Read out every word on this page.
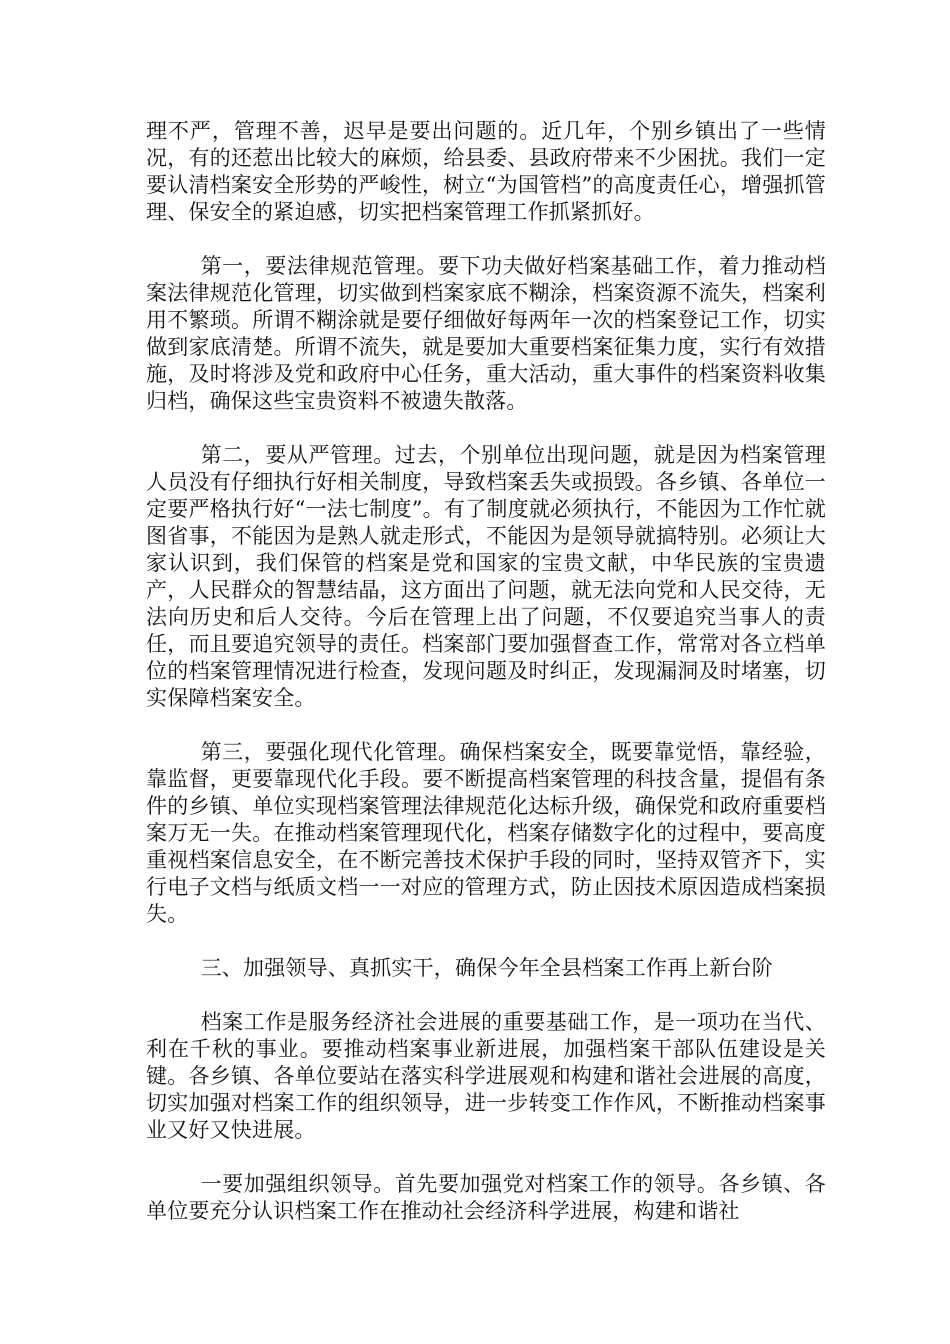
理不严，管理不善，迟早是要出问题的。近几年，个别乡镇出了一些情况，有的还惹出比较大的麻烦，给县委、县政府带来不少困扰。我们一定要认清档案安全形势的严峻性，树立“为国管档”的高度责任心，增强抓管理、保安全的紧迫感，切实把档案管理工作抓紧抓好。

第一，要法律规范管理。要下功夫做好档案基础工作，着力推动档案法律规范化管理，切实做到档案家底不糊涂，档案资源不流失，档案利用不繁琐。所谓不糊涂就是要仔细做好每两年一次的档案登记工作，切实做到家底清楚。所谓不流失，就是要加大重要档案征集力度，实行有效措施，及时将涉及党和政府中心任务，重大活动，重大事件的档案资料收集归档，确保这些宝贵资料不被遗失散落。

第二，要从严管理。过去，个别单位出现问题，就是因为档案管理人员没有仔细执行好相关制度，导致档案丢失或损毁。各乡镇、各单位一定要严格执行好“一法七制度”。有了制度就必须执行，不能因为工作忙就图省事，不能因为是熟人就走形式，不能因为是领导就搞特别。必须让大家认识到，我们保管的档案是党和国家的宝贵文献，中华民族的宝贵遗产，人民群众的智慧结晶，这方面出了问题，就无法向党和人民交待，无法向历史和后人交待。今后在管理上出了问题，不仅要追究当事人的责任，而且要追究领导的责任。档案部门要加强督查工作，常常对各立档单位的档案管理情况进行检查，发现问题及时纠正，发现漏洞及时堵塞，切实保障档案安全。

第三，要强化现代化管理。确保档案安全，既要靠觉悟，靠经验，靠监督，更要靠现代化手段。要不断提高档案管理的科技含量，提倡有条件的乡镇、单位实现档案管理法律规范化达标升级，确保党和政府重要档案万无一失。在推动档案管理现代化，档案存储数字化的过程中，要高度重视档案信息安全，在不断完善技术保护手段的同时，坚持双管齐下，实行电子文档与纸质文档一一对应的管理方式，防止因技术原因造成档案损失。

三、加强领导、真抓实干，确保今年全县档案工作再上新台阶

档案工作是服务经济社会进展的重要基础工作，是一项功在当代、利在千秋的事业。要推动档案事业新进展，加强档案干部队伍建设是关键。各乡镇、各单位要站在落实科学进展观和构建和谐社会进展的高度，切实加强对档案工作的组织领导，进一步转变工作作风，不断推动档案事业又好又快进展。

一要加强组织领导。首先要加强党对档案工作的领导。各乡镇、各单位要充分认识档案工作在推动社会经济科学进展，构建和谐社
